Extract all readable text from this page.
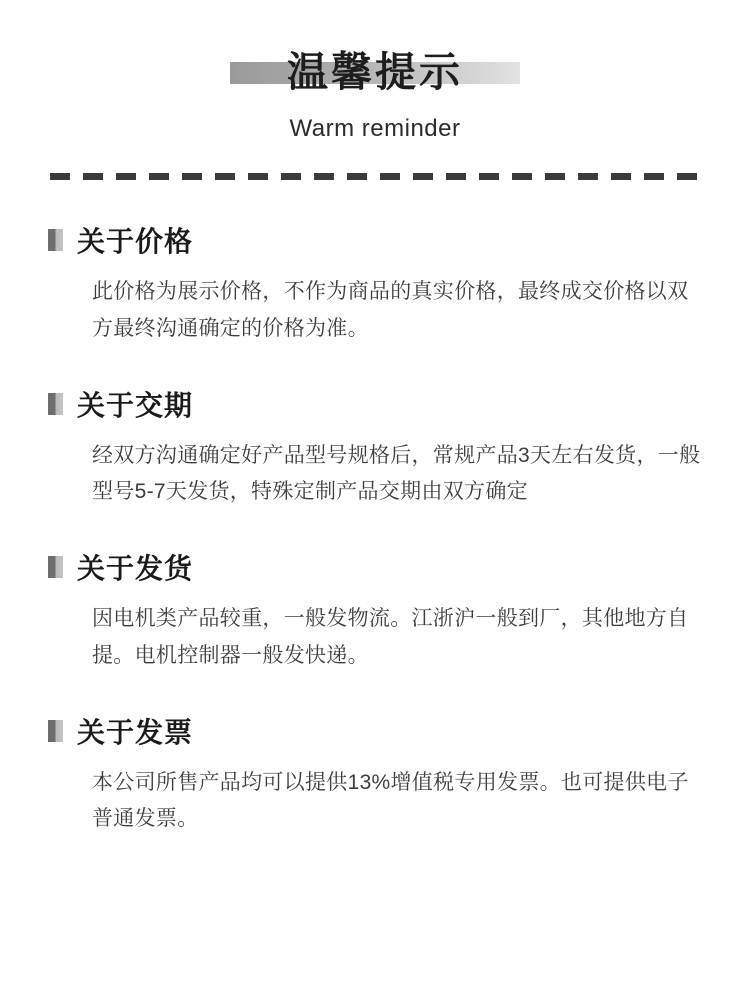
温馨提示
Warm reminder
关于价格
此价格为展示价格，不作为商品的真实价格，最终成交价格以双方最终沟通确定的价格为准。
关于交期
经双方沟通确定好产品型号规格后，常规产品3天左右发货，一般型号5-7天发货，特殊定制产品交期由双方确定
关于发货
因电机类产品较重，一般发物流。江浙沪一般到厂，其他地方自提。电机控制器一般发快递。
关于发票
本公司所售产品均可以提供13%增值税专用发票。也可提供电子普通发票。
